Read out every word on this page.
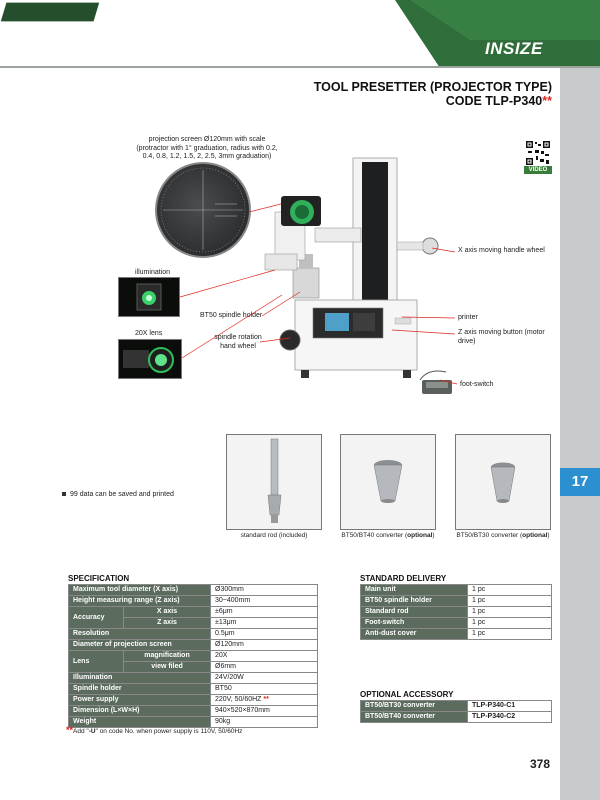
INSIZE
17
TOOL PRESETTER (PROJECTOR TYPE)
CODE TLP-P340**
VIDEO
projection screen Ø120mm with scale (protractor with 1° graduation, radius with 0.2, 0.4, 0.8, 1.2, 1.5, 2, 2.5, 3mm graduation)
illumination
20X lens
BT50 spindle holder
spindle rotation hand wheel
X axis moving handle wheel
printer
Z axis moving button (motor drive)
foot-switch
99 data can be saved and printed
standard rod (included)	BT50/BT40 converter (optional)	BT50/BT30 converter (optional)
SPECIFICATION
Maximum tool diameter (X axis)		Ø300mm
Height measuring range (Z axis)		30~400mm
Accuracy	X axis	±6μm
	Z axis	±13μm
Resolution		0.5μm
Diameter of projection screen		Ø120mm
Lens	magnification	20X
	view filed	Ø6mm
Illumination		24V/20W
Spindle holder		BT50
Power supply		220V, 50/60HZ **
Dimension (L×W×H)		940×520×870mm
Weight		90kg
STANDARD DELIVERY
Main unit	1 pc
BT50 spindle holder	1 pc
Standard rod	1 pc
Foot-switch	1 pc
Anti-dust cover	1 pc
OPTIONAL ACCESSORY
BT50/BT30 converter	TLP-P340-C1
BT50/BT40 converter	TLP-P340-C2
**Add "-U" on code No. when power supply is 110V, 50/60Hz
378
